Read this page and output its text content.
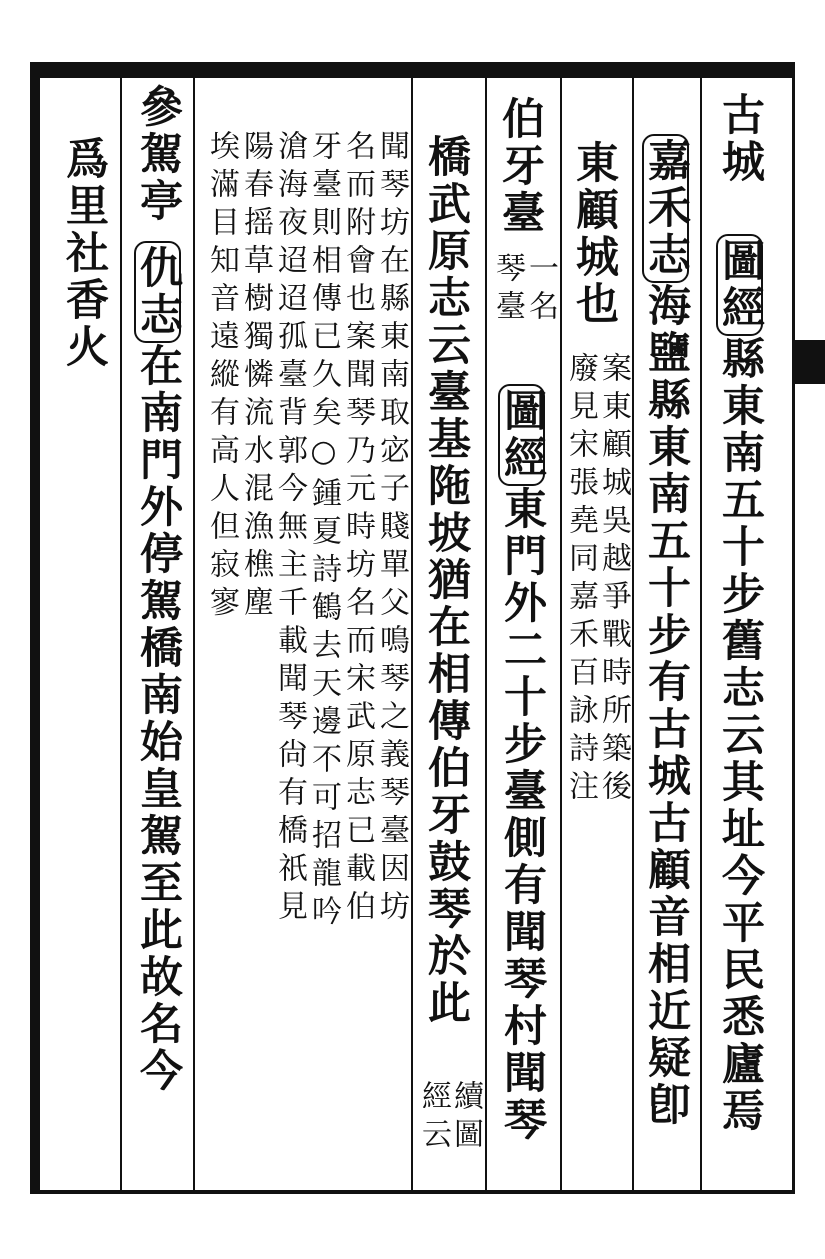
古城圖經縣東南五十步舊志云其址今平民悉廬焉
嘉禾志海鹽縣東南五十步有古城古顧音相近疑卽
東顧城也
案東顧城吳越爭戰時所築後
廢見宋張堯同嘉禾百詠詩注
伯牙臺
一名
琴臺
圖經東門外二十步臺側有聞琴村聞琴
橋武原志云臺基陁坡猶在相傳伯牙鼓琴於此
續圖
經云
聞琴坊在縣東南取宓子賤單父鳴琴之義琴臺因坊
名而附會也案聞琴乃元時坊名而宋武原志已載伯
牙臺則相傳已久矣○鍾夏詩鶴去天邊不可招龍吟
滄海夜迢迢孤臺背郭今無主千載聞琴尙有橋祇見
陽春摇草樹獨憐流水混漁樵塵
埃滿目知音遠縱有高人但寂寥
參駕亭仇志在南門外停駕橋南始皇駕至此故名今
爲里社香火
